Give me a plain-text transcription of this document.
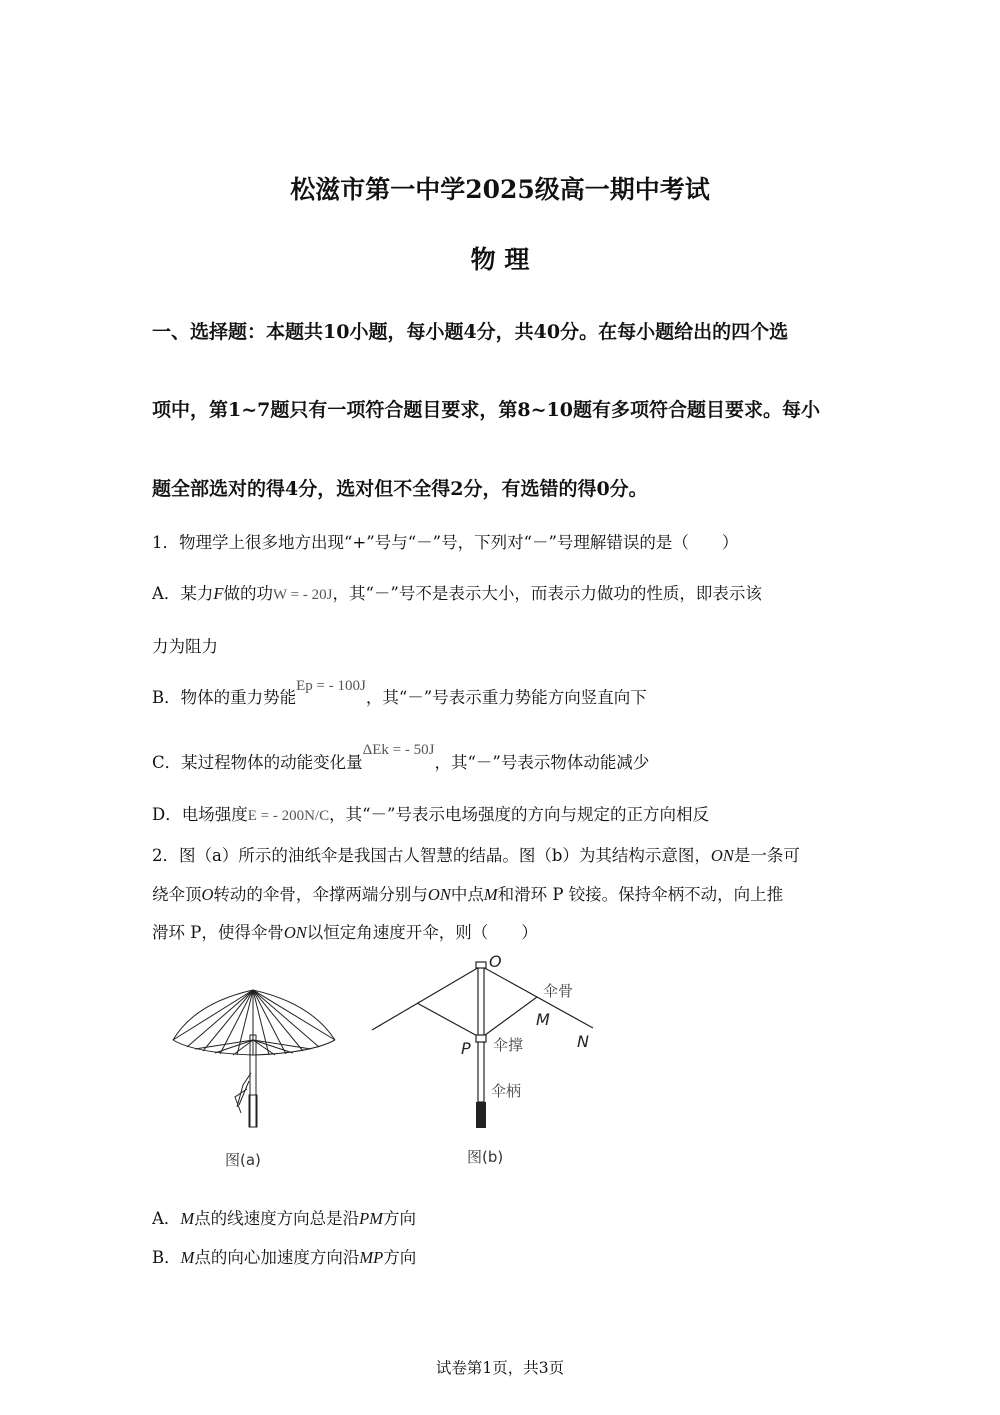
松滋市第一中学2025级高一期中考试
物 理
一、选择题：本题共10小题，每小题4分，共40分。在每小题给出的四个选
项中，第1~7题只有一项符合题目要求，第8~10题有多项符合题目要求。每小
题全部选对的得4分，选对但不全得2分，有选错的得0分。
1．物理学上很多地方出现“+”号与“－”号，下列对“－”号理解错误的是（　　）
A．某力F做的功W = - 20J，其“－”号不是表示大小，而表示力做功的性质，即表示该
力为阻力
B．物体的重力势能Ep = - 100J，其“－”号表示重力势能方向竖直向下
C．某过程物体的动能变化量ΔEk = - 50J，其“－”号表示物体动能减少
D．电场强度E = - 200N/C，其“－”号表示电场强度的方向与规定的正方向相反
2．图（a）所示的油纸伞是我国古人智慧的结晶。图（b）为其结构示意图，ON是一条可
绕伞顶O转动的伞骨，伞撑两端分别与ON中点M和滑环 P 铰接。保持伞柄不动，向上推
滑环 P，使得伞骨ON以恒定角速度开伞，则（　　）
图(a)
O
伞骨
M
N
P 伞撑
伞柄
图(b)
A．M点的线速度方向总是沿PM方向
B．M点的向心加速度方向沿MP方向
试卷第1页，共3页
